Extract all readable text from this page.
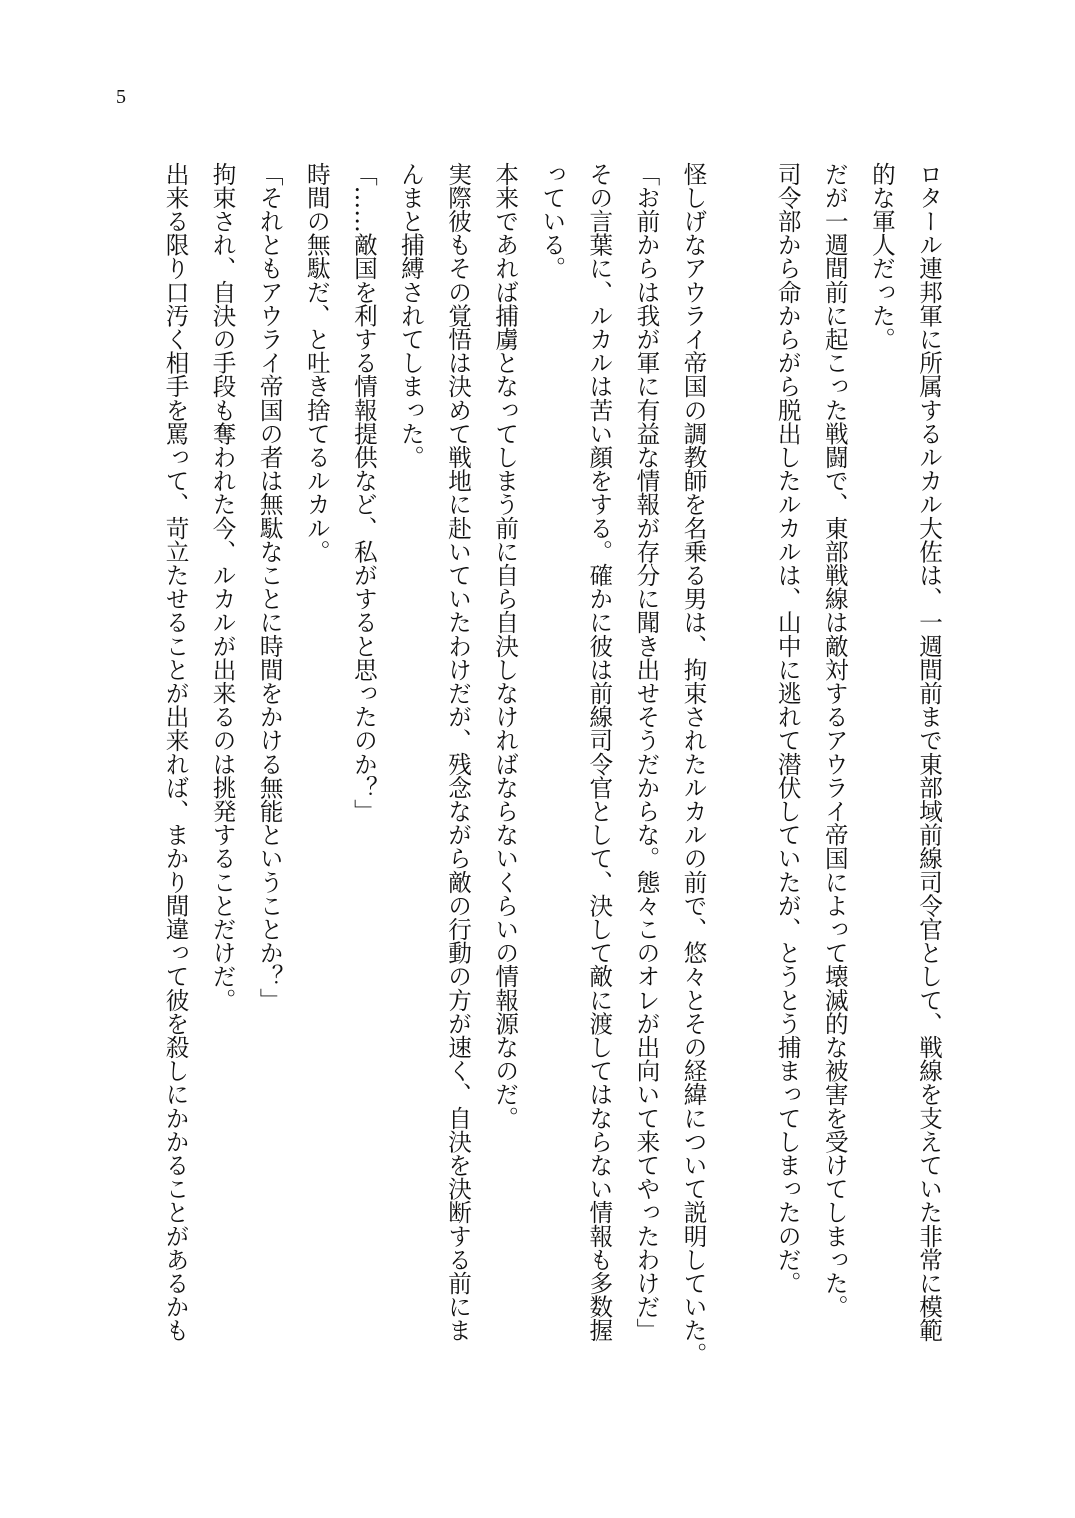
5
ロタール連邦軍に所属するルカル大佐は、一週間前まで東部域前線司令官として、戦線を支えていた非常に模範
的な軍人だった。
だが一週間前に起こった戦闘で、東部戦線は敵対するアウライ帝国によって壊滅的な被害を受けてしまった。
司令部から命からがら脱出したルカルは、山中に逃れて潜伏していたが、とうとう捕まってしまったのだ。
怪しげなアウライ帝国の調教師を名乗る男は、拘束されたルカルの前で、悠々とその経緯について説明していた。
「お前からは我が軍に有益な情報が存分に聞き出せそうだからな。態々このオレが出向いて来てやったわけだ」
その言葉に、ルカルは苦い顔をする。確かに彼は前線司令官として、決して敵に渡してはならない情報も多数握
っている。
本来であれば捕虜となってしまう前に自ら自決しなければならないくらいの情報源なのだ。
実際彼もその覚悟は決めて戦地に赴いていたわけだが、残念ながら敵の行動の方が速く、自決を決断する前にま
んまと捕縛されてしまった。
「……敵国を利する情報提供など、私がすると思ったのか？」
時間の無駄だ、と吐き捨てるルカル。
「それともアウライ帝国の者は無駄なことに時間をかける無能ということか？」
拘束され、自決の手段も奪われた今、ルカルが出来るのは挑発することだけだ。
出来る限り口汚く相手を罵って、苛立たせることが出来れば、まかり間違って彼を殺しにかかることがあるかも
